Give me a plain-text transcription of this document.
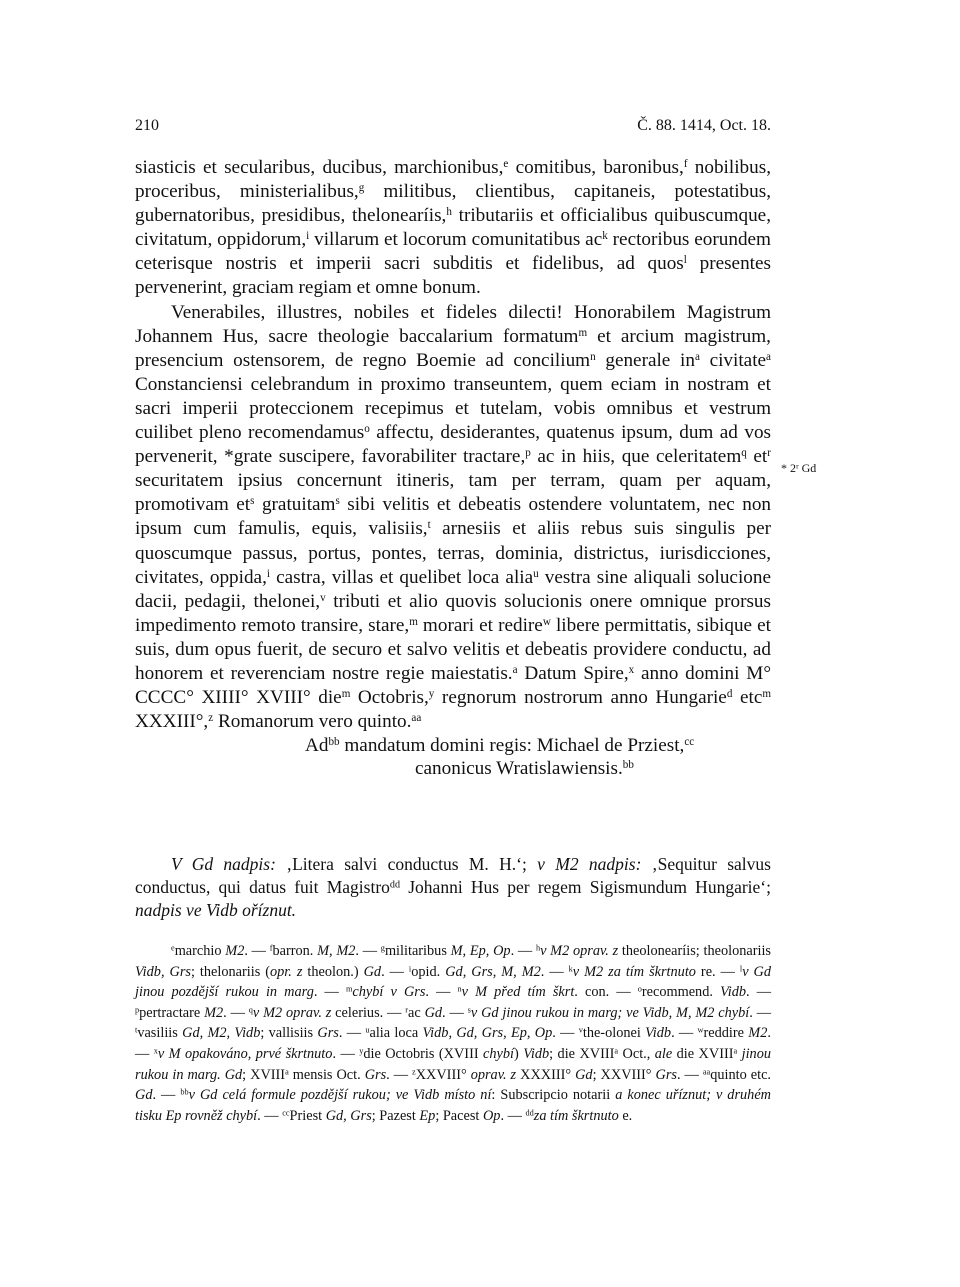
210	Č. 88. 1414, Oct. 18.
* 2ʳ Gd

siasticis et secularibus, ducibus, marchionibus,$^e$ comitibus, baronibus,$^f$ nobilibus, proceribus, ministerialibus,$^g$ militibus, clientibus, capitaneis, potestatibus, gubernatoribus, presidibus, thelonearíis,$^h$ tributariis et officialibus quibuscumque, civitatum, oppidorum,$^i$ villarum et locorum comunitatibus $ac^k$ rectoribus eorundem ceterisque nostris et imperii sacri subditis et fidelibus, ad quos$^l$ presentes pervenerint, graciam regiam et omne bonum.

Venerabiles, illustres, nobiles et fideles dilecti! Honorabilem Magistrum Johannem Hus, sacre theologie baccalarium formatum$^m$ et arcium magistrum, presencium ostensorem, de regno Boemie ad concilium$^n$ generale $in^a$ civitate$^a$ Constanciensi celebrandum in proximo transeuntem, quem eciam in nostram et sacri imperii proteccionem recepimus et tutelam, vobis omnibus et vestrum cuilibet pleno recomendamus$^o$ affectu, desiderantes, quatenus ipsum, dum ad vos pervenerit, *grate suscipere, favorabiliter tractare,$^p$ ac in hiis, que celeritatem$^q$ $et^r$ securitatem ipsius concernunt itineris, tam per terram, quam per aquam, promotivam $et^s$ gratuitam$^s$ sibi velitis et debeatis ostendere voluntatem, nec non ipsum cum famulis, equis, valisiis,$^t$ arnesiis et aliis rebus suis singulis per quoscumque passus, portus, pontes, terras, dominia, districtus, iurisdicciones, civitates, oppida,$^i$ castra, villas et quelibet loca alia$^u$ vestra sine aliquali solucione dacii, pedagii, thelonei,$^v$ tributi et alio quovis solucionis onere omnique prorsus impedimento remoto transire, stare,$^m$ morari et redire$^w$ libere permittatis, sibique et suis, dum opus fuerit, de securo et salvo velitis et debeatis providere conductu, ad honorem et reverenciam nostre regie maiestatis.$^a$ Datum Spire,$^x$ anno domini M° CCCC° XIIII° XVIII° die$^m$ Octobris,$^y$ regnorum nostrorum anno Hungarie$^d$ etc$^m$ XXXIII°,$^z$ Romanorum vero quinto.$^{aa}$

$Ad^{bb}$ mandatum domini regis: Michael de Prziest,$^{cc}$
canonicus Wratislawiensis.$^{bb}$

V Gd nadpis: ‚Litera salvi conductus M. H.‘; v M2 nadpis: ‚Sequitur salvus conductus, qui datus fuit Magistro$^{dd}$ Johanni Hus per regem Sigismundum Hungarie‘; nadpis ve Vidb oříznut.

$^e$marchio M2. — $^f$barron. M, M2. — $^g$militaribus M, Ep, Op. — $^h$v M2 oprav. z theolonearíis; theolonariis Vidb, Grs; thelonariis (opr. z theolon.) Gd. — $^i$opid. Gd, Grs, M, M2. — $^k$v M2 za tím škrtnuto re. — $^l$v Gd jinou pozdější rukou in marg. — $^m$chybí v Grs. — $^n$v M před tím škrt. con. — $^o$recommend. Vidb. — $^p$pertractare M2. — $^q$v M2 oprav. z celerius. — $^r$ac Gd. — $^s$v Gd jinou rukou in marg; ve Vidb, M, M2 chybí. — $^t$vasiliis Gd, M2, Vidb; vallisiis Grs. — $^u$alia loca Vidb, Gd, Grs, Ep, Op. — $^v$the-olonei Vidb. — $^w$reddire M2. — $^x$v M opakováno, prvé škrtnuto. — $^y$die Octobris (XVIII chybí) Vidb; die XVIII$^a$ Oct., ale die XVIII$^a$ jinou rukou in marg. Gd; XVIII$^a$ mensis Oct. Grs. — $^z$XXVIII° oprav. z XXXIII° Gd; XXVIII° Grs. — $^{aa}$quinto etc. Gd. — $^{bb}$v Gd celá formule pozdější rukou; ve Vidb místo ní: Subscripcio notarii a konec uříznut; v druhém tisku Ep rovněž chybí. — $^{cc}$Priest Gd, Grs; Pazest Ep; Pacest Op. — $^{dd}$za tím škrtnuto e.
